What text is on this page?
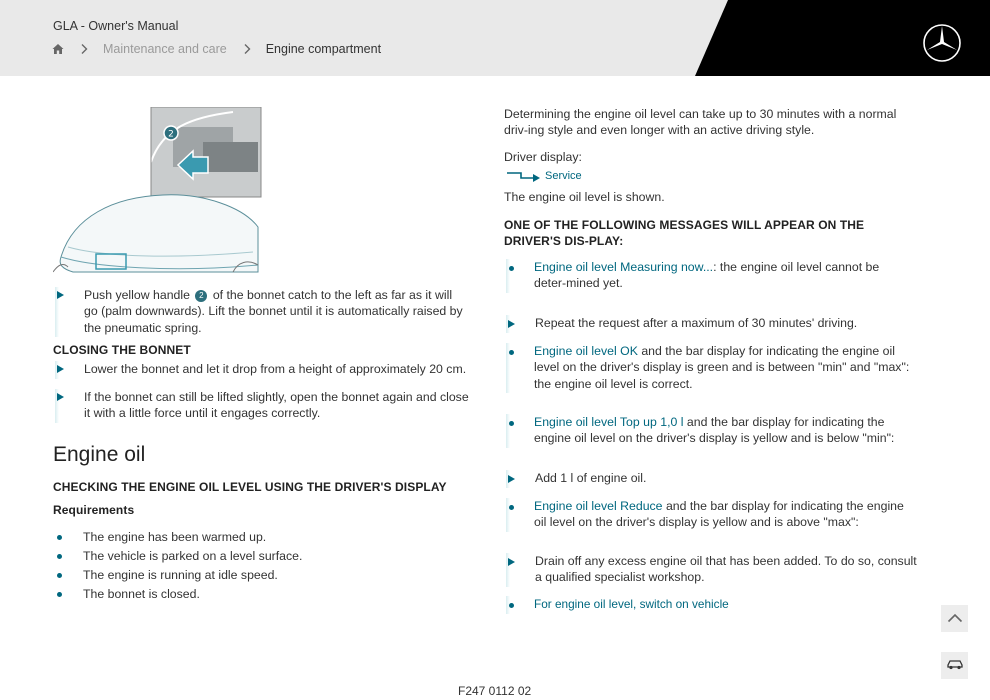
GLA - Owner's Manual
Maintenance and care	Engine compartment
2
Push yellow handle 2 of the bonnet catch to the left as far as it will go (palm downwards). Lift the bonnet until it is automatically raised by the pneumatic spring.
CLOSING THE BONNET
Lower the bonnet and let it drop from a height of approximately 20 cm.
If the bonnet can still be lifted slightly, open the bonnet again and close it with a little force until it engages correctly.
Engine oil
CHECKING THE ENGINE OIL LEVEL USING THE DRIVER'S DISPLAY
Requirements
The engine has been warmed up.
The vehicle is parked on a level surface.
The engine is running at idle speed.
The bonnet is closed.
Determining the engine oil level can take up to 30 minutes with a normal driv-ing style and even longer with an active driving style.
Driver display:
Service
The engine oil level is shown.
ONE OF THE FOLLOWING MESSAGES WILL APPEAR ON THE DRIVER'S DIS-PLAY:
Engine oil level Measuring now...: the engine oil level cannot be deter-mined yet.
Repeat the request after a maximum of 30 minutes' driving.
Engine oil level OK and the bar display for indicating the engine oil level on the driver's display is green and is between "min" and "max": the engine oil level is correct.
Engine oil level Top up 1,0 l and the bar display for indicating the engine oil level on the driver's display is yellow and is below "min":
Add 1 l of engine oil.
Engine oil level Reduce and the bar display for indicating the engine oil level on the driver's display is yellow and is above "max":
Drain off any excess engine oil that has been added. To do so, consult a qualified specialist workshop.
For engine oil level, switch on vehicle
F247 0112 02
